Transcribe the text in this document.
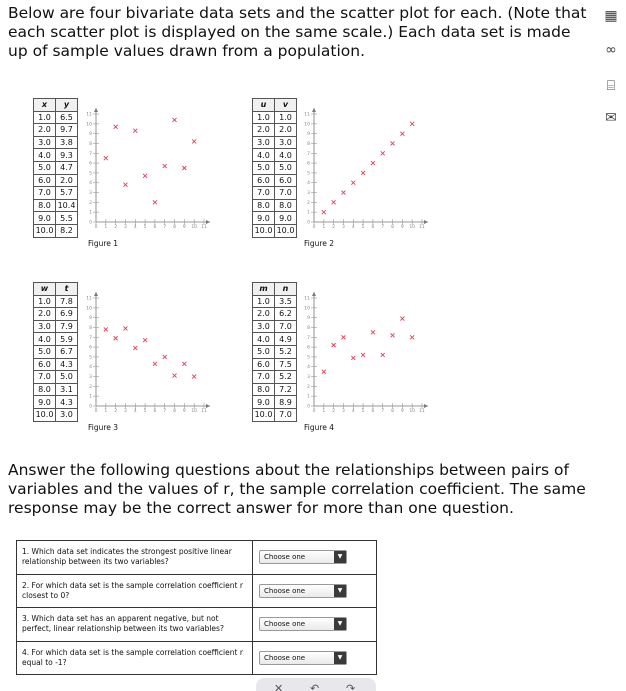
Below are four bivariate data sets and the scatter plot for each. (Note that each scatter plot is displayed on the same scale.) Each data set is made up of sample values drawn from a population.
▦
∞
⌸
✉
x	y
1.0	6.5
2.0	9.7
3.0	3.8
4.0	9.3
5.0	4.7
6.0	2.0
7.0	5.7
8.0	10.4
9.0	5.5
10.0	8.2	0 1 2 3 4 5 6 7 8 9 10 11
0
1
2
3
4
5
6
7
8
9
10
11
Figure 1
u	v
1.0	1.0
2.0	2.0
3.0	3.0
4.0	4.0
5.0	5.0
6.0	6.0
7.0	7.0
8.0	8.0
9.0	9.0
10.0	10.0	0 1 2 3 4 5 6 7 8 9 10 11
0
1
2
3
4
5
6
7
8
9
10
11
Figure 2
w	t
1.0	7.8
2.0	6.9
3.0	7.9
4.0	5.9
5.0	6.7
6.0	4.3
7.0	5.0
8.0	3.1
9.0	4.3
10.0	3.0	0 1 2 3 4 5 6 7 8 9 10 11
0
1
2
3
4
5
6
7
8
9
10
11
Figure 3
m	n
1.0	3.5
2.0	6.2
3.0	7.0
4.0	4.9
5.0	5.2
6.0	7.5
7.0	5.2
8.0	7.2
9.0	8.9
10.0	7.0	0 1 2 3 4 5 6 7 8 9 10 11
0
1
2
3
4
5
6
7
8
9
10
11
Figure 4
Answer the following questions about the relationships between pairs of variables and the values of r, the sample correlation coefficient. The same response may be the correct answer for more than one question.
1. Which data set indicates the strongest positive linear relationship between its two variables?	Choose one ▼

2. For which data set is the sample correlation coefficient r closest to 0?	Choose one ▼

3. Which data set has an apparent negative, but not perfect, linear relationship between its two variables?	Choose one ▼

4. For which data set is the sample correlation coefficient r equal to -1?	Choose one ▼
✕ ↶ ↷
